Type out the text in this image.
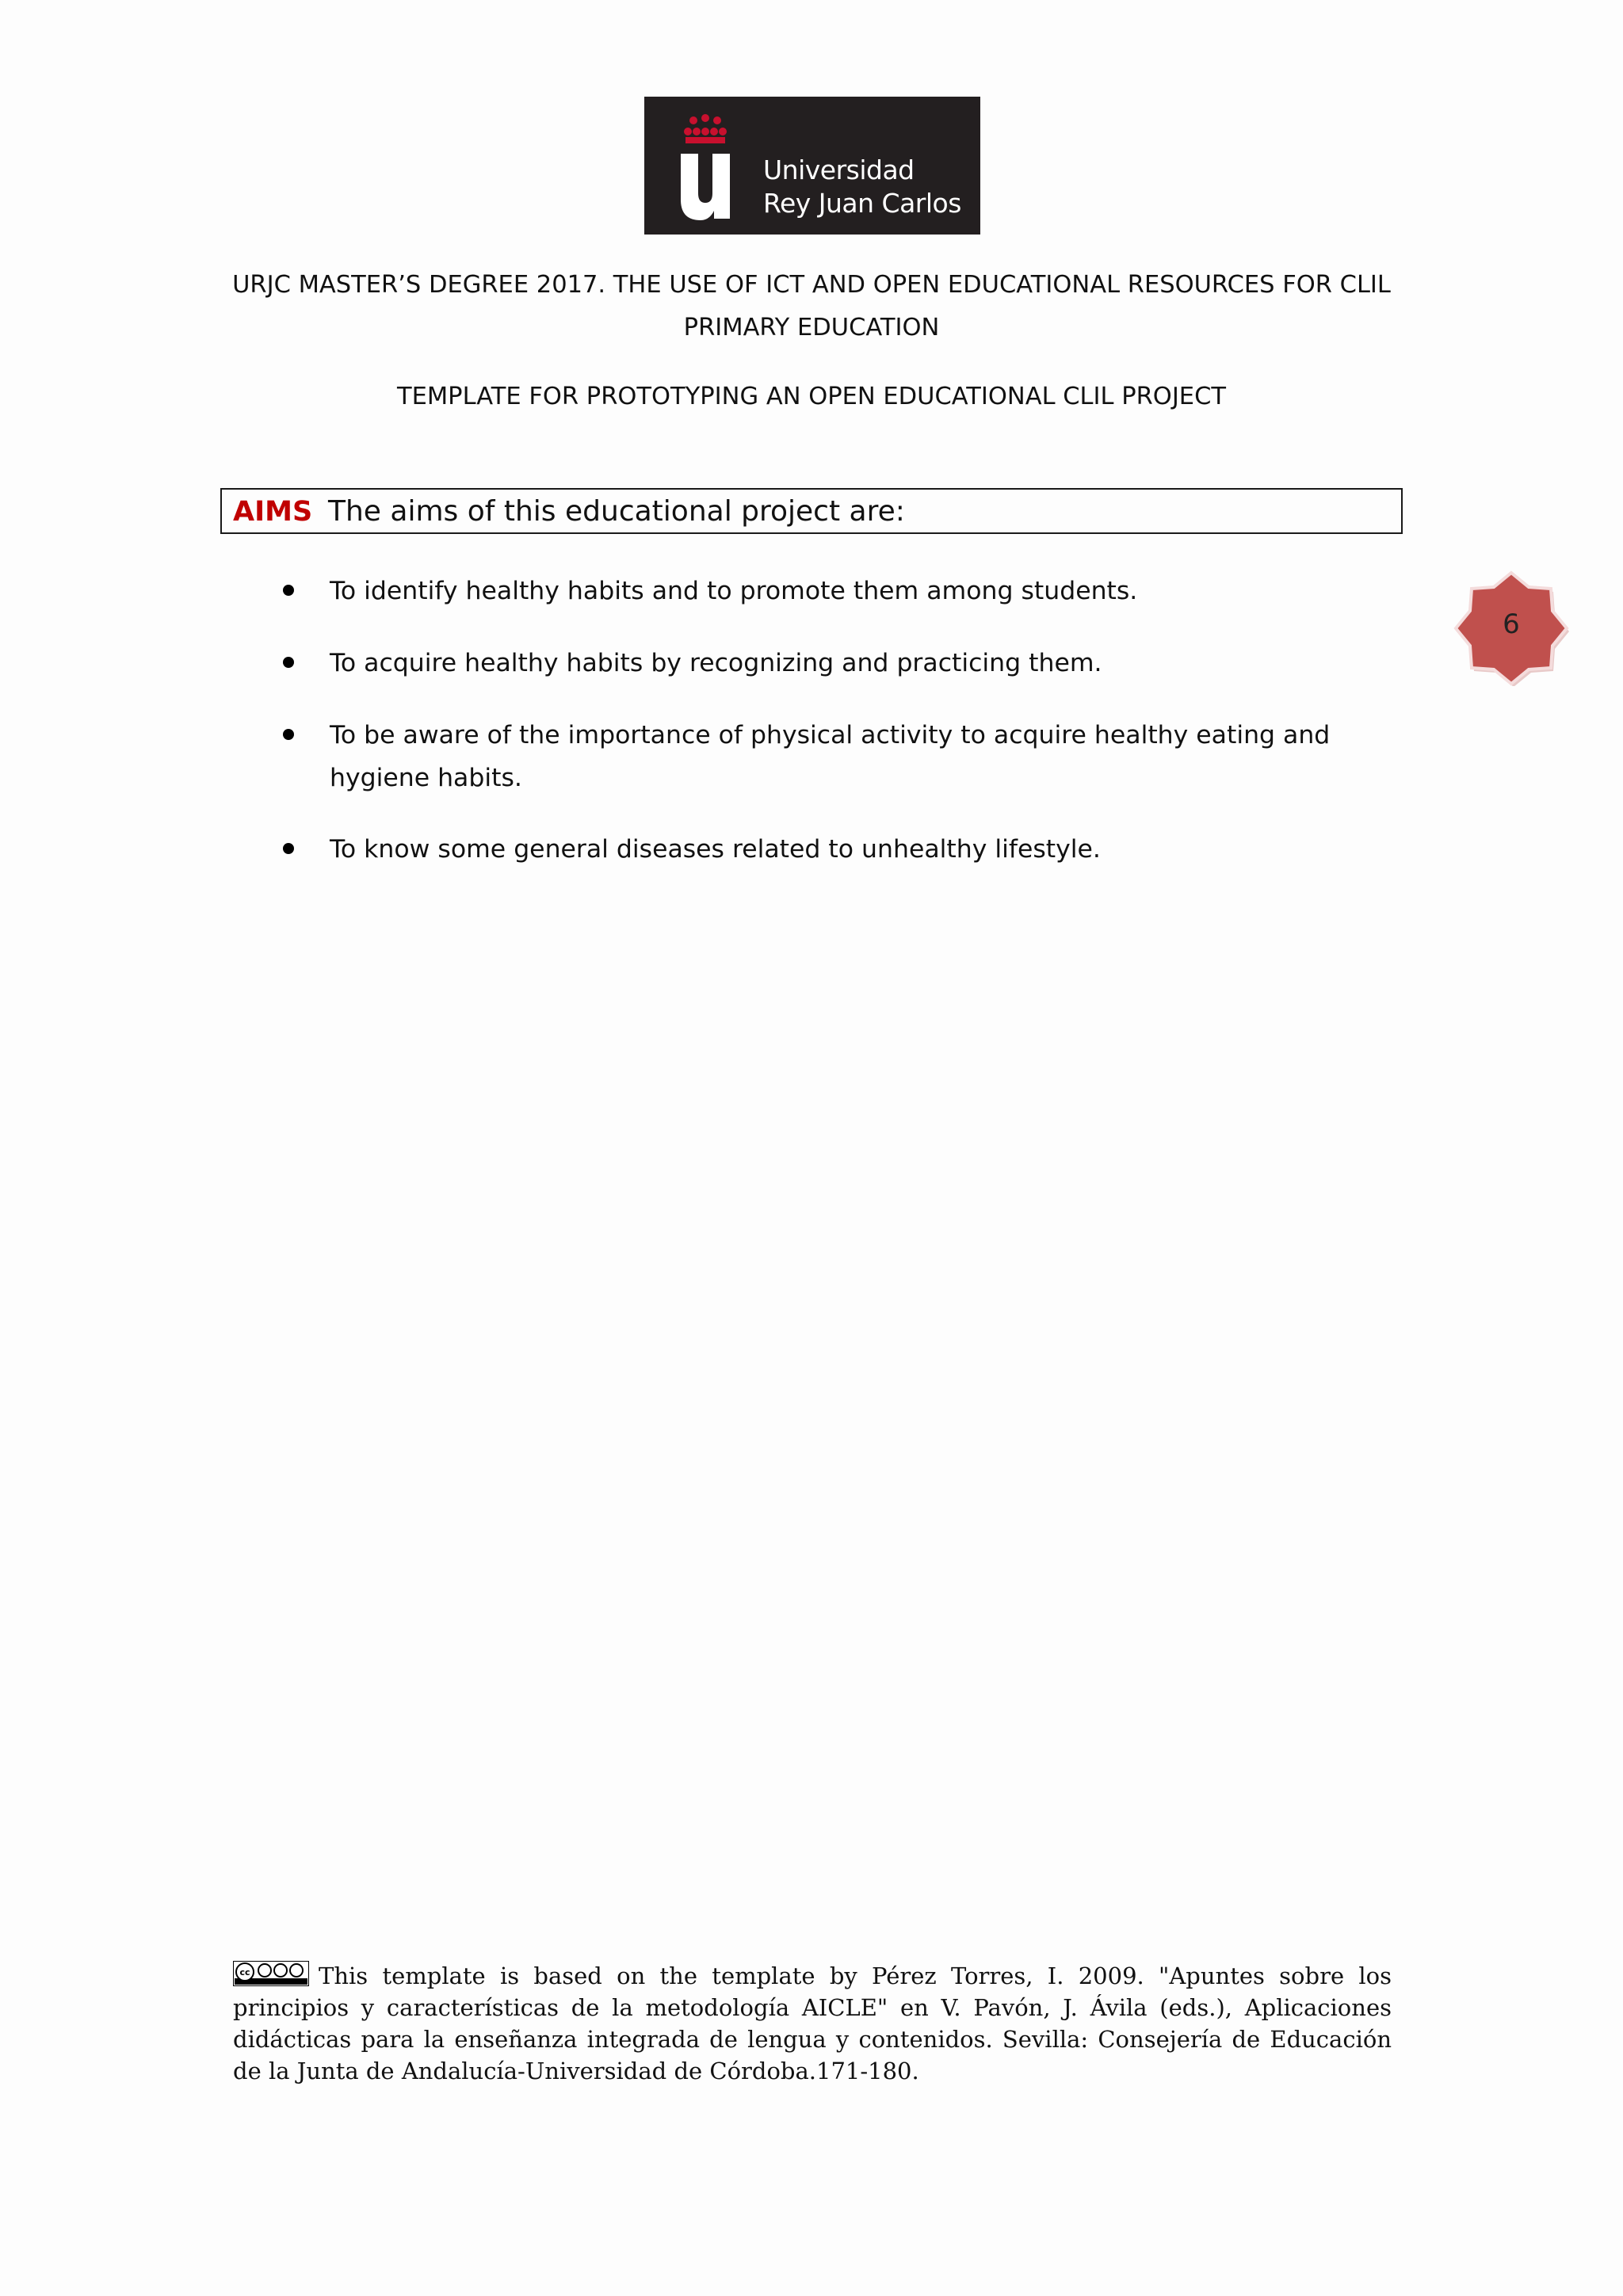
Universidad
Rey Juan Carlos
URJC MASTER’S DEGREE 2017. THE USE OF ICT AND OPEN EDUCATIONAL RESOURCES FOR CLIL
PRIMARY EDUCATION
TEMPLATE FOR PROTOTYPING AN OPEN EDUCATIONAL CLIL PROJECT
AIMS The aims of this educational project are:
To identify healthy habits and to promote them among students.
To acquire healthy habits by recognizing and practicing them.
To be aware of the importance of physical activity to acquire healthy eating and hygiene habits.
To know some general diseases related to unhealthy lifestyle.
6
cc	This template is based on the template by Pérez Torres, I. 2009. "Apuntes sobre los principios y características de la metodología AICLE" en V. Pavón, J. Ávila (eds.), Aplicaciones didácticas para la enseñanza integrada de lengua y contenidos. Sevilla: Consejería de Educación de la Junta de Andalucía-Universidad de Córdoba.171-180.
